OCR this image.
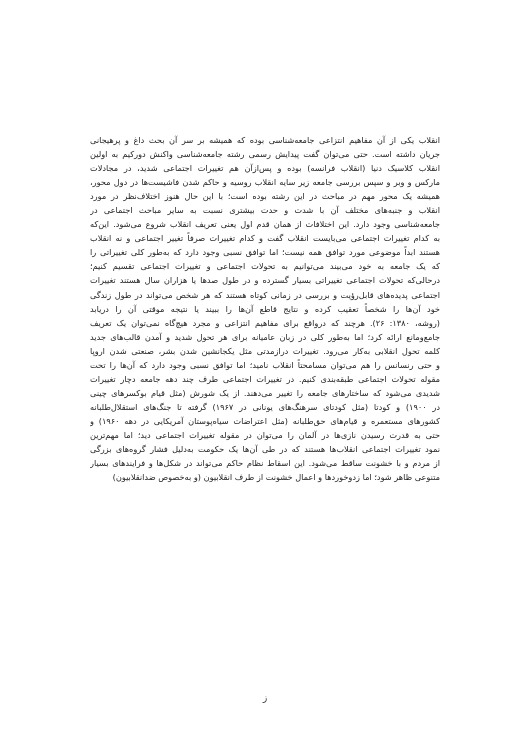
انقلاب یکی از آن مفاهیم انتزاعی جامعه‌شناسی بوده که همیشه بر سر آن بحث داغ و پرهیجانی
جریان داشته است. حتی می‌توان گفت پیدایش رسمی رشته جامعه‌شناسی واکنش دورکیم به اولین
انقلاب کلاسیک دنیا (انقلاب فرانسه) بوده و پس‌ازآن هم تغییرات اجتماعی شدید، در مجادلات
مارکس و وبر و سپس بررسی جامعه زیر سایه انقلاب روسیه و حاکم شدن فاشیست‌ها در دول محور،
همیشه یک محور مهم در مباحث در این رشته بوده است؛ با این حال هنوز اختلاف‌نظر در مورد
انقلاب و جنبه‌های مختلف آن با شدت و حدت بیشتری نسبت به سایر مباحث اجتماعی در
جامعه‌شناسی وجود دارد. این اختلافات از همان قدم اول یعنی تعریف انقلاب شروع می‌شود. این‌که
به کدام تغییرات اجتماعی می‌بایست انقلاب گفت و کدام تغییرات صرفاً تغییر اجتماعی و نه انقلاب
هستند ابداً موضوعی مورد توافق همه نیست؛ اما توافق نسبی وجود دارد که به‌طور کلی تغییراتی را
که یک جامعه به خود می‌بیند می‌توانیم به تحولات اجتماعی و تغییرات اجتماعی تقسیم کنیم؛
درحالی‌که تحولات اجتماعی تغییراتی بسیار گسترده و در طول صدها یا هزاران سال هستند تغییرات
اجتماعی پدیده‌های قابل‌رؤیت و بررسی در زمانی کوتاه هستند که هر شخص می‌تواند در طول زندگی
خود آن‌ها را شخصاً تعقیب کرده و نتایج قاطع آن‌ها را ببیند یا نتیجه موقتی آن را دریابد
(روشه، ۱۳۸۰: ۲۶). هرچند که درواقع برای مفاهیم انتزاعی و مجرد هیچ‌گاه نمی‌توان یک تعریف
جامع‌ومانع ارائه کرد؛ اما به‌طور کلی در زبان عامیانه برای هر تحول شدید و آمدن قالب‌های جدید
کلمه تحول انقلابی به‌کار می‌رود. تغییرات درازمدتی مثل یکجانشین شدن بشر، صنعتی شدن اروپا
و حتی رنسانس را هم می‌توان مسامحتاً انقلاب نامید؛ اما توافق نسبی وجود دارد که آن‌ها را تحت
مقوله تحولات اجتماعی طبقه‌بندی کنیم. در تغییرات اجتماعی طرف چند دهه جامعه دچار تغییرات
شدیدی می‌شود که ساختارهای جامعه را تغییر می‌دهند. از یک شورش (مثل قیام بوکسرهای چینی
در ۱۹۰۰) و کودتا (مثل کودتای سرهنگ‌های یونانی در ۱۹۶۷) گرفته تا جنگ‌های استقلال‌طلبانه
کشورهای مستعمره و قیام‌های حق‌طلبانه (مثل اعتراضات سیاه‌پوستان آمریکایی در دهه ۱۹۶۰) و
حتی به قدرت رسیدن نازی‌ها در آلمان را می‌توان در مقوله تغییرات اجتماعی دید؛ اما مهم‌ترین
نمود تغییرات اجتماعی انقلاب‌ها هستند که در طی آن‌ها یک حکومت به‌دلیل فشار گروه‌های بزرگی
از مردم و با خشونت ساقط می‌شود. این اسقاط نظام حاکم می‌تواند در شکل‌ها و فرایندهای بسیار
متنوعی ظاهر شود؛ اما زدوخوردها و اعمال خشونت از طرف انقلابیون (و به‌خصوص ضدانقلابیون)
ز
